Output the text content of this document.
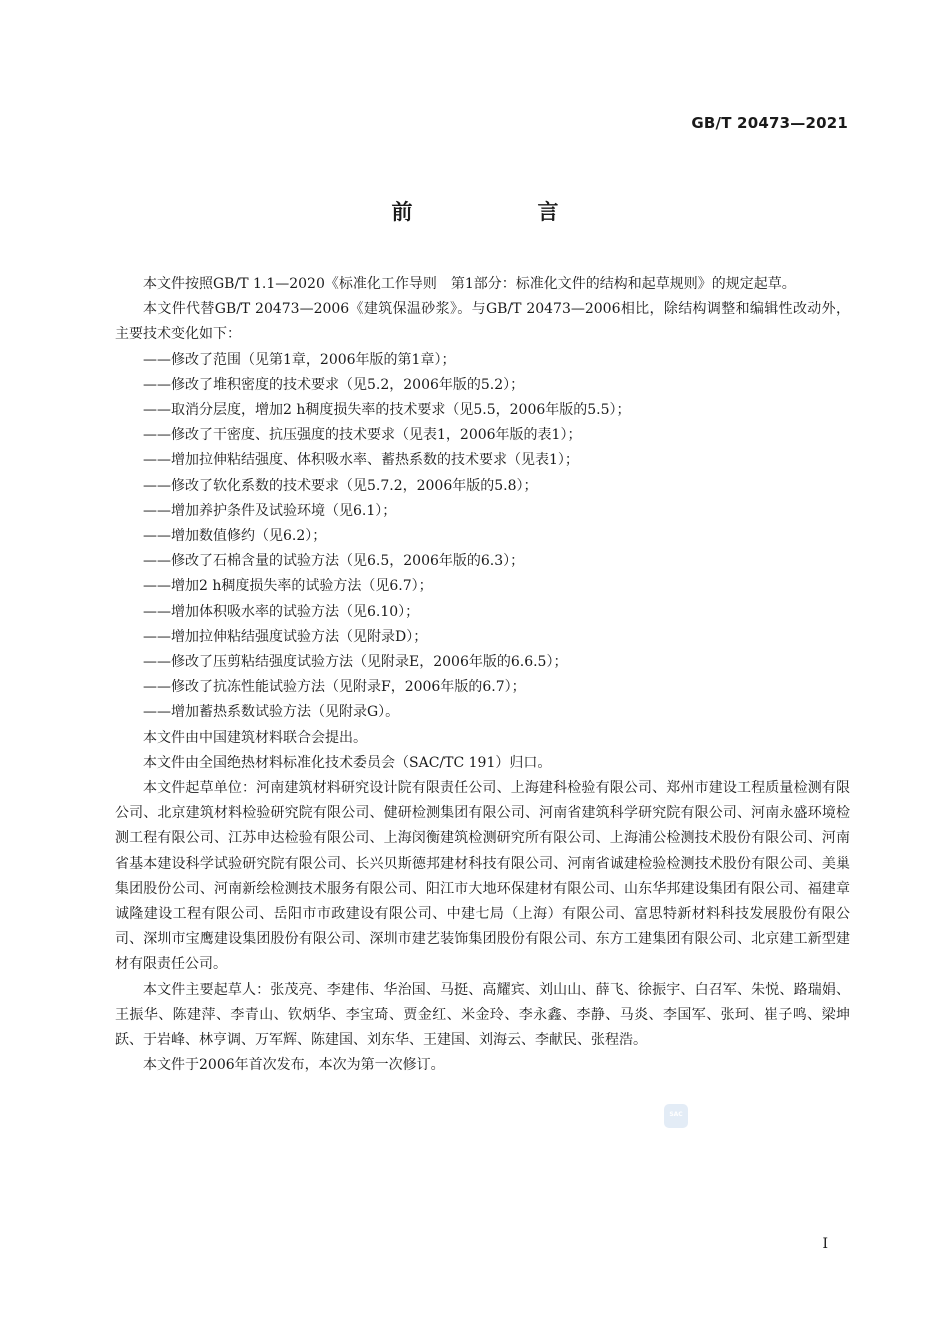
GB/T 20473—2021
前　言

本文件按照GB/T 1.1—2020《标准化工作导则　第1部分：标准化文件的结构和起草规则》的规定起草。

本文件代替GB/T 20473—2006《建筑保温砂浆》。与GB/T 20473—2006相比，除结构调整和编辑性改动外，主要技术变化如下：

——修改了范围（见第1章，2006年版的第1章）；
——修改了堆积密度的技术要求（见5.2，2006年版的5.2）；
——取消分层度，增加2 h稠度损失率的技术要求（见5.5，2006年版的5.5）；
——修改了干密度、抗压强度的技术要求（见表1，2006年版的表1）；
——增加拉伸粘结强度、体积吸水率、蓄热系数的技术要求（见表1）；
——修改了软化系数的技术要求（见5.7.2，2006年版的5.8）；
——增加养护条件及试验环境（见6.1）；
——增加数值修约（见6.2）；
——修改了石棉含量的试验方法（见6.5，2006年版的6.3）；
——增加2 h稠度损失率的试验方法（见6.7）；
——增加体积吸水率的试验方法（见6.10）；
——增加拉伸粘结强度试验方法（见附录D）；
——修改了压剪粘结强度试验方法（见附录E，2006年版的6.6.5）；
——修改了抗冻性能试验方法（见附录F，2006年版的6.7）；
——增加蓄热系数试验方法（见附录G）。

本文件由中国建筑材料联合会提出。

本文件由全国绝热材料标准化技术委员会（SAC/TC 191）归口。

本文件起草单位：河南建筑材料研究设计院有限责任公司、上海建科检验有限公司、郑州市建设工程质量检测有限公司、北京建筑材料检验研究院有限公司、健研检测集团有限公司、河南省建筑科学研究院有限公司、河南永盛环境检测工程有限公司、江苏申达检验有限公司、上海闵衡建筑检测研究所有限公司、上海浦公检测技术股份有限公司、河南省基本建设科学试验研究院有限公司、长兴贝斯德邦建材科技有限公司、河南省诚建检验检测技术股份有限公司、美巢集团股份公司、河南新绘检测技术服务有限公司、阳江市大地环保建材有限公司、山东华邦建设集团有限公司、福建章诚隆建设工程有限公司、岳阳市市政建设有限公司、中建七局（上海）有限公司、富思特新材料科技发展股份有限公司、深圳市宝鹰建设集团股份有限公司、深圳市建艺装饰集团股份有限公司、东方工建集团有限公司、北京建工新型建材有限责任公司。

本文件主要起草人：张茂亮、李建伟、华治国、马挺、高耀宾、刘山山、薛飞、徐振宇、白召军、朱悦、路瑞娟、王振华、陈建萍、李青山、钦炳华、李宝琦、贾金红、米金玲、李永鑫、李静、马炎、李国军、张珂、崔子鸣、梁坤跃、于岩峰、林亨调、万军辉、陈建国、刘东华、王建国、刘海云、李献民、张程浩。

本文件于2006年首次发布，本次为第一次修订。

SAC
I
